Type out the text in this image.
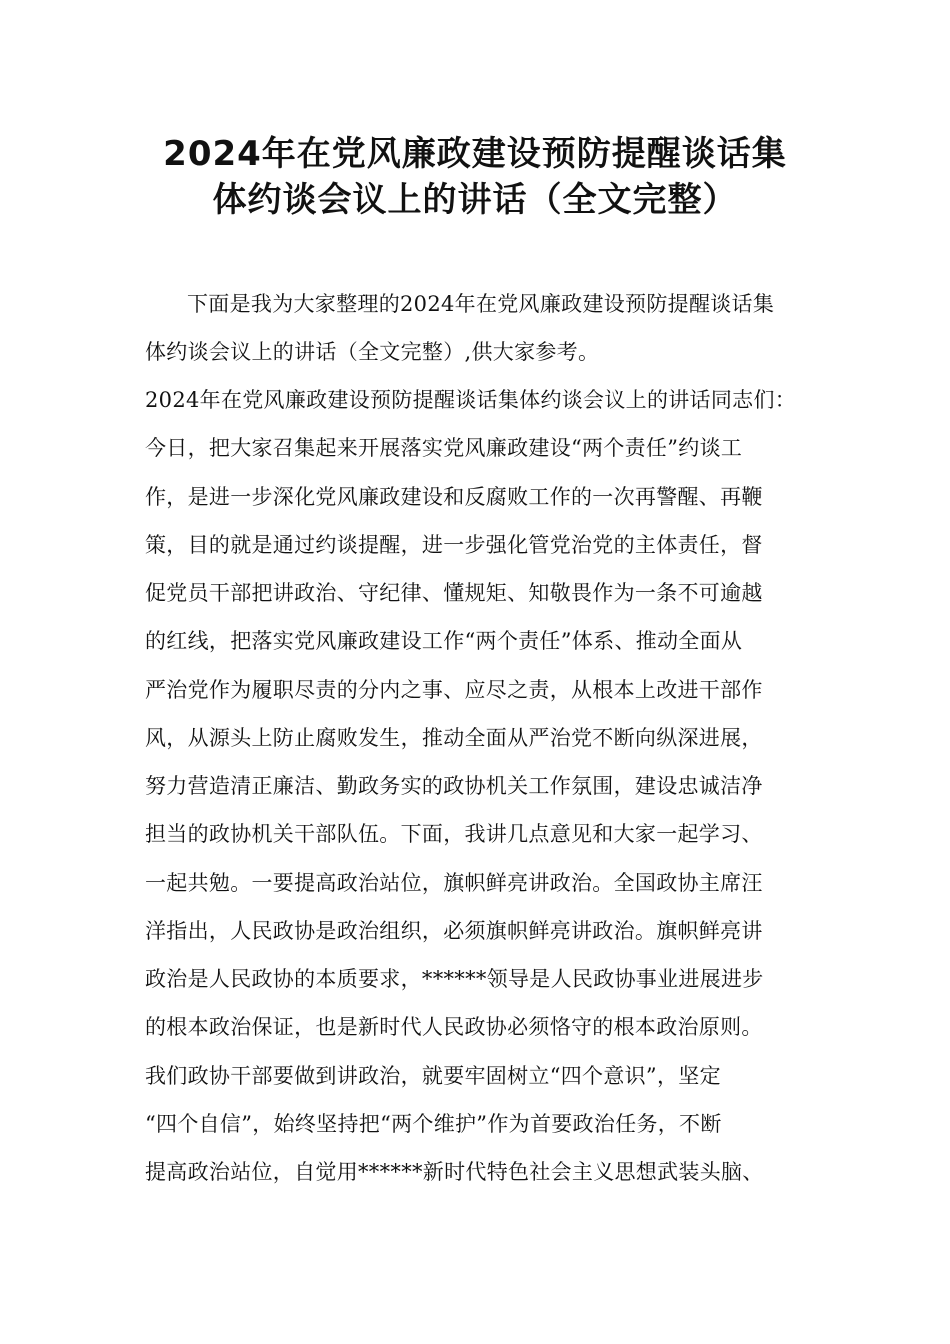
2024年在党风廉政建设预防提醒谈话集
体约谈会议上的讲话（全文完整）
下面是我为大家整理的2024年在党风廉政建设预防提醒谈话集
体约谈会议上的讲话（全文完整）,供大家参考。
2024年在党风廉政建设预防提醒谈话集体约谈会议上的讲话同志们：
今日，把大家召集起来开展落实党风廉政建设“两个责任”约谈工
作，是进一步深化党风廉政建设和反腐败工作的一次再警醒、再鞭
策，目的就是通过约谈提醒，进一步强化管党治党的主体责任，督
促党员干部把讲政治、守纪律、懂规矩、知敬畏作为一条不可逾越
的红线，把落实党风廉政建设工作“两个责任”体系、推动全面从
严治党作为履职尽责的分内之事、应尽之责，从根本上改进干部作
风，从源头上防止腐败发生，推动全面从严治党不断向纵深进展，
努力营造清正廉洁、勤政务实的政协机关工作氛围，建设忠诚洁净
担当的政协机关干部队伍。下面，我讲几点意见和大家一起学习、
一起共勉。一要提高政治站位，旗帜鲜亮讲政治。全国政协主席汪
洋指出，人民政协是政治组织，必须旗帜鲜亮讲政治。旗帜鲜亮讲
政治是人民政协的本质要求，******领导是人民政协事业进展进步
的根本政治保证，也是新时代人民政协必须恪守的根本政治原则。
我们政协干部要做到讲政治，就要牢固树立“四个意识”，坚定
“四个自信”，始终坚持把“两个维护”作为首要政治任务，不断
提高政治站位，自觉用******新时代特色社会主义思想武装头脑、
